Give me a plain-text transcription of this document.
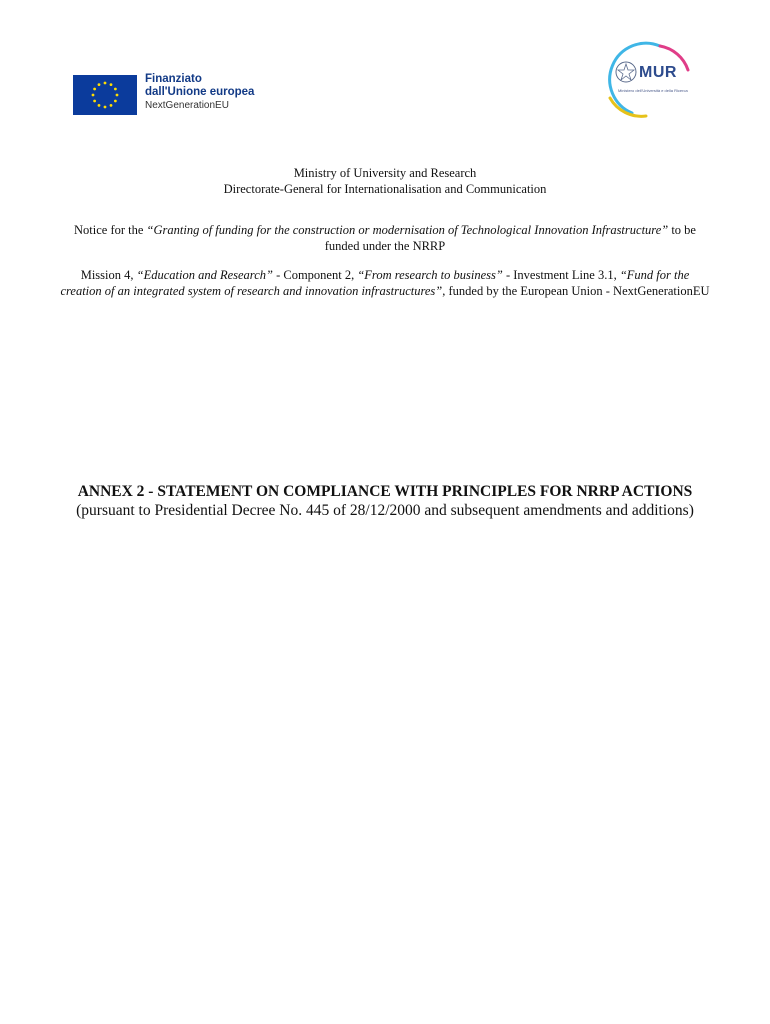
Finanziato
dall'Unione europea
NextGenerationEU
MUR
Ministero dell'Università e della Ricerca
Ministry of University and Research
Directorate-General for Internationalisation and Communication
Notice for the “Granting of funding for the construction or modernisation of Technological Innovation Infrastructure” to be funded under the NRRP
Mission 4, “Education and Research” - Component 2, “From research to business” - Investment Line 3.1, “Fund for the creation of an integrated system of research and innovation infrastructures”, funded by the European Union - NextGenerationEU
ANNEX 2 - STATEMENT ON COMPLIANCE WITH PRINCIPLES FOR NRRP ACTIONS
(pursuant to Presidential Decree No. 445 of 28/12/2000 and subsequent amendments and additions)
